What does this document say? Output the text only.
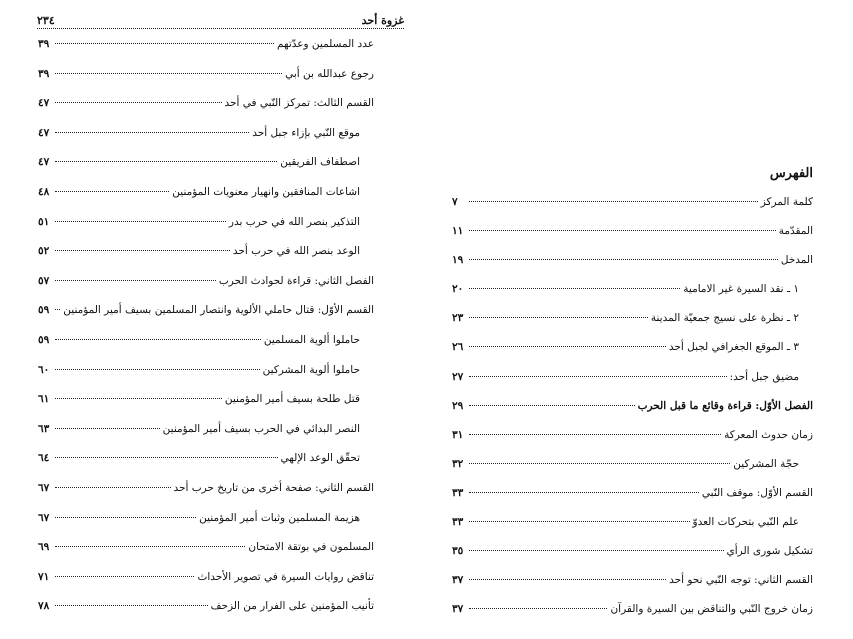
غزوة أحد
٢٣٤
الفهرس
عدد المسلمين وعدّتهم
٣٩
رجوع عبدالله بن أبي
٣٩
القسم الثالث: تمركز النّبي في أحد
٤٧
موقع النّبي بإزاء جبل أحد
٤٧
اصطفاف الفريقين
٤٧
اشاعات المنافقين وانهيار معنويات المؤمنين
٤٨
التذكير بنصر الله في حرب بدر
٥١
الوعد بنصر الله في حرب أحد
٥٢
الفصل الثاني: قراءة لحوادث الحرب
٥٧
القسم الأوّل: قتال حاملي الألوية وانتصار المسلمين بسيف أمير المؤمنين
٥٩
حاملوا ألوية المسلمين
٥٩
حاملوا ألوية المشركين
٦٠
قتل طلحة بسيف أمير المؤمنين
٦١
النصر البدائي في الحرب بسيف أمير المؤمنين
٦٣
تحقّق الوعد الإلهي
٦٤
القسم الثاني: صفحة أخرى من تاريخ حرب أحد
٦٧
هزيمة المسلمين وثبات أمير المؤمنين
٦٧
المسلمون في بوتقة الامتحان
٦٩
تناقض روايات السيرة في تصوير الأحداث
٧١
تأنيب المؤمنين على الفرار من الزحف
٧٨
كلمة المركز
٧
المقدّمة
١١
المدخل
١٩
١ ـ نقد السيرة غير الامامية
٢٠
٢ ـ نظرة على نسيج جمعيّة المدينة
٢٣
٣ ـ الموقع الجغرافي لجبل أحد
٢٦
مضيق جبل أحد:
٢٧
الفصل الأوّل: قراءة وقائع ما قبل الحرب
٢٩
زمان حدوث المعركة
٣١
حجّة المشركين
٣٢
القسم الأوّل: موقف النّبي
٣٣
علم النّبي بتحركات العدوّ
٣٣
تشكيل شورى الرأي
٣٥
القسم الثاني: توجه النّبي نحو أحد
٣٧
زمان خروج النّبي والتناقض بين السيرة والقرآن
٣٧
